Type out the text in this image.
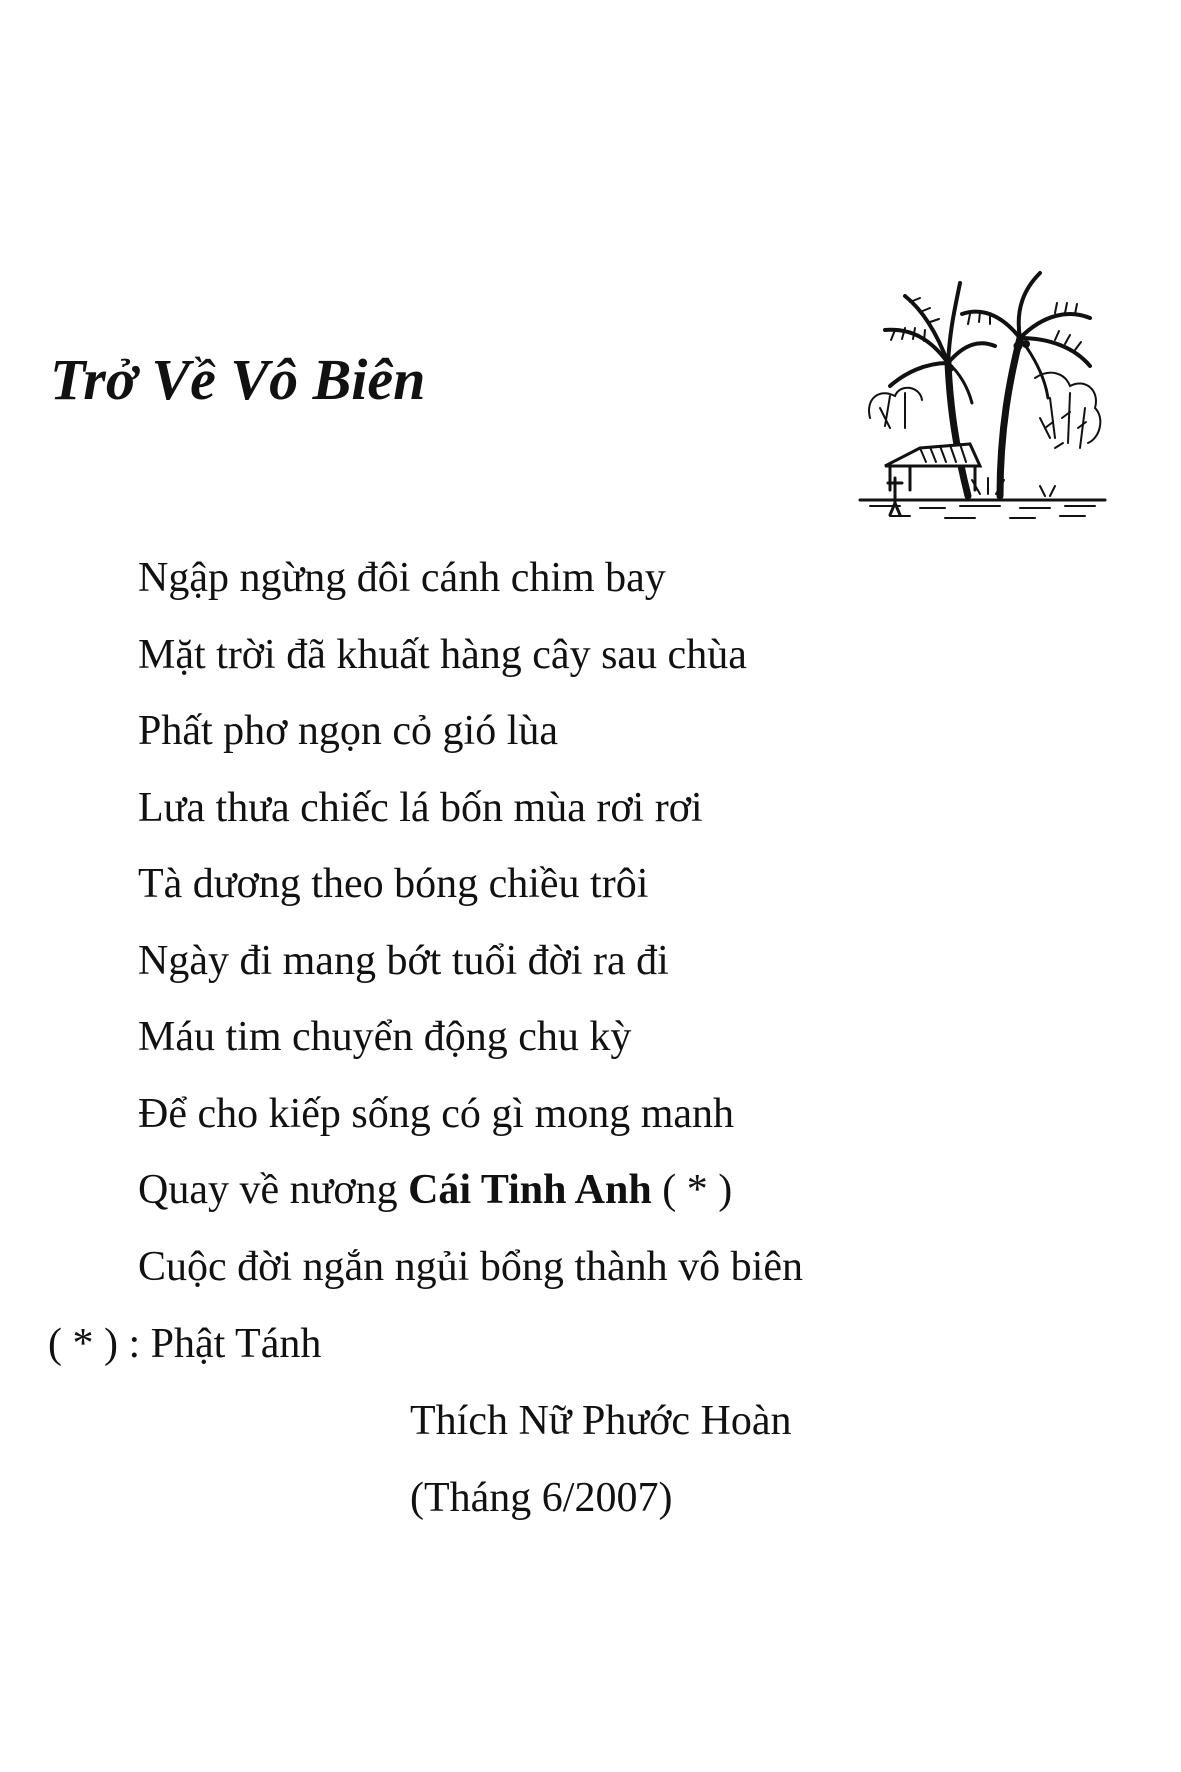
Trở Về Vô Biên
Ngập ngừng đôi cánh chim bay
Mặt trời đã khuất hàng cây sau chùa
Phất phơ ngọn cỏ gió lùa
Lưa thưa chiếc lá bốn mùa rơi rơi
Tà dương theo bóng chiều trôi
Ngày đi mang bớt tuổi đời ra đi
Máu tim chuyển động chu kỳ
Để cho kiếp sống có gì mong manh
Quay về nương Cái Tinh Anh ( * )
Cuộc đời ngắn ngủi bổng thành vô biên
( * ) : Phật Tánh
Thích Nữ Phước Hoàn
(Tháng 6/2007)
